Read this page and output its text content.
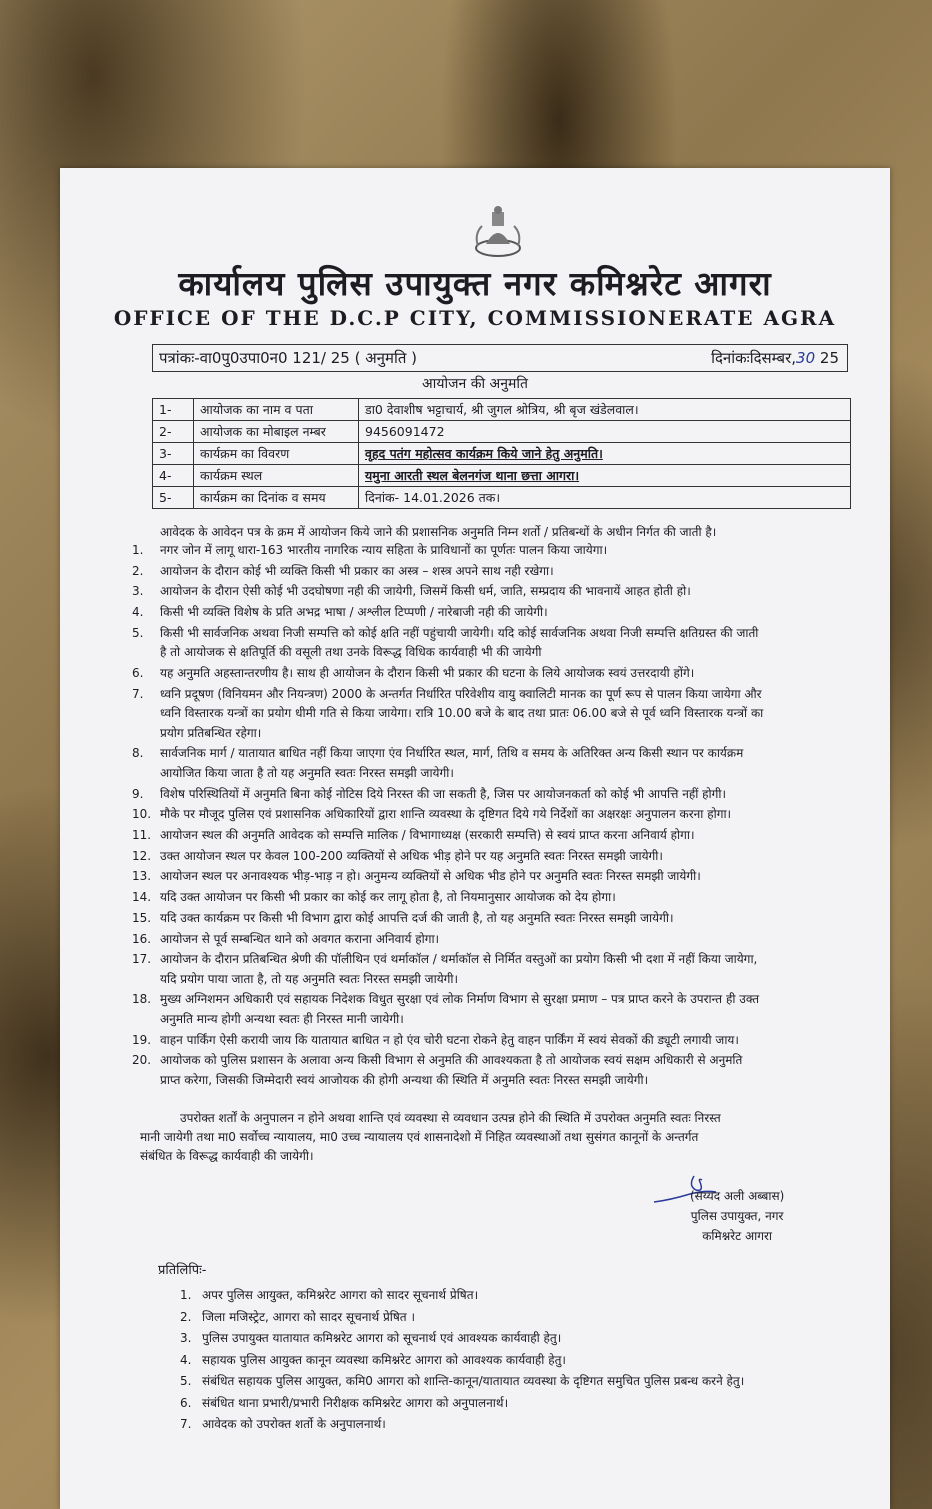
कार्यालय पुलिस उपायुक्त नगर कमिश्नरेट आगरा
OFFICE OF THE D.C.P CITY, COMMISSIONERATE AGRA
पत्रांकः-वा0पु0उपा0न0 121/ 25 ( अनुमति )	दिनांकःदिसम्बर,30 25
आयोजन की अनुमति
1-	आयोजक का नाम व पता	डा0 देवाशीष भट्टाचार्य, श्री जुगल श्रोत्रिय, श्री बृज खंडेलवाल।
2-	आयोजक का मोबाइल नम्बर	9456091472
3-	कार्यक्रम का विवरण	वृहद पतंग महोत्सव कार्यक्रम किये जाने हेतु अनुमति।
4-	कार्यक्रम स्थल	यमुना आरती स्थल बेलनगंज थाना छत्ता आगरा।
5-	कार्यक्रम का दिनांक व समय	दिनांक- 14.01.2026 तक।
आवेदक के आवेदन पत्र के क्रम में आयोजन किये जाने की प्रशासनिक अनुमति निम्न शर्तो / प्रतिबन्धों के अधीन निर्गत की जाती है।
1.	नगर जोन में लागू धारा-163 भारतीय नागरिक न्याय सहिता के प्राविधानों का पूर्णतः पालन किया जायेगा।
2.	आयोजन के दौरान कोई भी व्यक्ति किसी भी प्रकार का अस्त्र – शस्त्र अपने साथ नही रखेगा।
3.	आयोजन के दौरान ऐसी कोई भी उदघोषणा नही की जायेगी, जिसमें किसी धर्म, जाति, सम्प्रदाय की भावनायें आहत होती हो।
4.	किसी भी व्यक्ति विशेष के प्रति अभद्र भाषा / अश्लील टिप्पणी / नारेबाजी नही की जायेगी।
5.	किसी भी सार्वजनिक अथवा निजी सम्पत्ति को कोई क्षति नहीं पहुंचायी जायेगी। यदि कोई सार्वजनिक अथवा निजी सम्पत्ति क्षतिग्रस्त की जाती
है तो आयोजक से क्षतिपूर्ति की वसूली तथा उनके विरूद्ध विधिक कार्यवाही भी की जायेगी
6.	यह अनुमति अहस्तान्तरणीय है। साथ ही आयोजन के दौरान किसी भी प्रकार की घटना के लिये आयोजक स्वयं उत्तरदायी होंगे।
7.	ध्वनि प्रदूषण (विनियमन और नियन्त्रण) 2000 के अन्तर्गत निर्धारित परिवेशीय वायु क्वालिटी मानक का पूर्ण रूप से पालन किया जायेगा और
ध्वनि विस्तारक यन्त्रों का प्रयोग धीमी गति से किया जायेगा। रात्रि 10.00 बजे के बाद तथा प्रातः 06.00 बजे से पूर्व ध्वनि विस्तारक यन्त्रों का
प्रयोग प्रतिबन्धित रहेगा।
8.	सार्वजनिक मार्ग / यातायात बाधित नहीं किया जाएगा एंव निर्धारित स्थल, मार्ग, तिथि व समय के अतिरिक्त अन्य किसी स्थान पर कार्यक्रम
आयोजित किया जाता है तो यह अनुमति स्वतः निरस्त समझी जायेगी।
9.	विशेष परिस्थितियों में अनुमति बिना कोई नोटिस दिये निरस्त की जा सकती है, जिस पर आयोजनकर्ता को कोई भी आपत्ति नहीं होगी।
10. मौके पर मौजूद पुलिस एवं प्रशासनिक अधिकारियों द्वारा शान्ति व्यवस्था के दृष्टिगत दिये गये निर्देशों का अक्षरक्षः अनुपालन करना होगा।
11. आयोजन स्थल की अनुमति आवेदक को सम्पत्ति मालिक / विभागाध्यक्ष (सरकारी सम्पत्ति) से स्वयं प्राप्त करना अनिवार्य होगा।
12. उक्त आयोजन स्थल पर केवल 100-200 व्यक्तियों से अधिक भीड़ होने पर यह अनुमति स्वतः निरस्त समझी जायेगी।
13. आयोजन स्थल पर अनावश्यक भीड़-भाड़ न हो। अनुमन्य व्यक्तियों से अधिक भीड होने पर अनुमति स्वतः निरस्त समझी जायेगी।
14. यदि उक्त आयोजन पर किसी भी प्रकार का कोई कर लागू होता है, तो नियमानुसार आयोजक को देय होगा।
15. यदि उक्त कार्यक्रम पर किसी भी विभाग द्वारा कोई आपत्ति दर्ज की जाती है, तो यह अनुमति स्वतः निरस्त समझी जायेगी।
16. आयोजन से पूर्व सम्बन्धित थाने को अवगत कराना अनिवार्य होगा।
17. आयोजन के दौरान प्रतिबन्धित श्रेणी की पॉलीथिन एवं थर्माकॉल / थर्माकॉल से निर्मित वस्तुओं का प्रयोग किसी भी दशा में नहीं किया जायेगा,
यदि प्रयोग पाया जाता है, तो यह अनुमति स्वतः निरस्त समझी जायेगी।
18. मुख्य अग्निशमन अधिकारी एवं सहायक निदेशक विधुत सुरक्षा एवं लोक निर्माण विभाग से सुरक्षा प्रमाण – पत्र प्राप्त करने के उपरान्त ही उक्त
अनुमति मान्य होगी अन्यथा स्वतः ही निरस्त मानी जायेगी।
19. वाहन पार्किंग ऐसी करायी जाय कि यातायात बाधित न हो एंव चोरी घटना रोकने हेतु वाहन पार्किंग में स्वयं सेवकों की ड्यूटी लगायी जाय।
20. आयोजक को पुलिस प्रशासन के अलावा अन्य किसी विभाग से अनुमति की आवश्यकता है तो आयोजक स्वयं सक्षम अधिकारी से अनुमति
प्राप्त करेगा, जिसकी जिम्मेदारी स्वयं आजोयक की होगी अन्यथा की स्थिति में अनुमति स्वतः निरस्त समझी जायेगी।
उपरोक्त शर्तों के अनुपालन न होने अथवा शान्ति एवं व्यवस्था से व्यवधान उत्पन्न होने की स्थिति में उपरोक्त अनुमति स्वतः निरस्त
मानी जायेगी तथा मा0 सर्वोच्च न्यायालय, मा0 उच्च न्यायालय एवं शासनादेशो में निहित व्यवस्थाओं तथा सुसंगत कानूनों के अन्तर्गत
संबंधित के विरूद्ध कार्यवाही की जायेगी।
(सय्यद अली अब्बास)
पुलिस उपायुक्त, नगर
कमिश्नरेट आगरा
प्रतिलिपिः-
1. अपर पुलिस आयुक्त, कमिश्नरेट आगरा को सादर सूचनार्थ प्रेषित।
2. जिला मजिस्ट्रेट, आगरा को सादर सूचनार्थ प्रेषित ।
3. पुलिस उपायुक्त यातायात कमिश्नरेट आगरा को सूचनार्थ एवं आवश्यक कार्यवाही हेतु।
4. सहायक पुलिस आयुक्त कानून व्यवस्था कमिश्नरेट आगरा को आवश्यक कार्यवाही हेतु।
5. संबंधित सहायक पुलिस आयुक्त, कमि0 आगरा को शान्ति-कानून/यातायात व्यवस्था के दृष्टिगत समुचित पुलिस प्रबन्ध करने हेतु।
6. संबंधित थाना प्रभारी/प्रभारी निरीक्षक कमिश्नरेट आगरा को अनुपालनार्थ।
7. आवेदक को उपरोक्त शर्तो के अनुपालनार्थ।
